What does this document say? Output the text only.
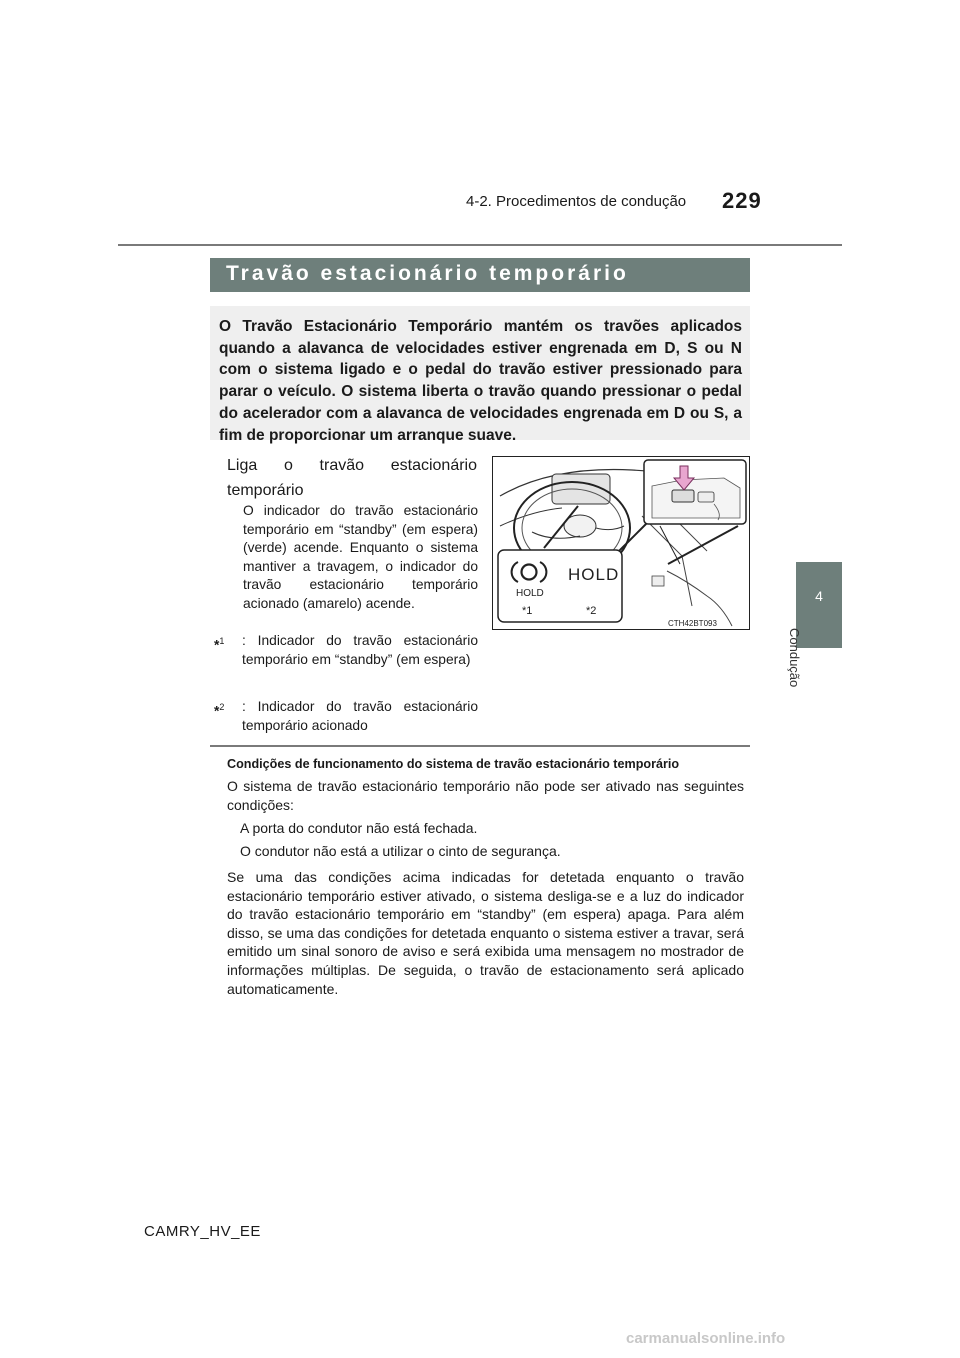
229
4-2. Procedimentos de condução
4
Condução
Travão estacionário temporário
O Travão Estacionário Temporário mantém os travões aplicados quando a alavanca de velocidades estiver engrenada em D, S ou N com o sistema ligado e o pedal do travão estiver pressionado para parar o veículo. O sistema liberta o travão quando pressionar o pedal do acelerador com a alavanca de velocidades engrenada em D ou S, a fim de proporcionar um arranque suave.
Liga o travão estacionário temporário
O indicador do travão estacionário temporário em “standby” (em espera) (verde) acende. Enquanto o sistema mantiver a travagem, o indicador do travão estacionário temporário acionado (amarelo) acende.
*$^1$	: Indicador do travão estacionário temporário em “standby” (em espera)
*$^2$	: Indicador do travão estacionário temporário acionado
HOLD
HOLD
*1	*2
CTH42BT093
Condições de funcionamento do sistema de travão estacionário temporário
O sistema de travão estacionário temporário não pode ser ativado nas seguintes condições:
A porta do condutor não está fechada.
O condutor não está a utilizar o cinto de segurança.
Se uma das condições acima indicadas for detetada enquanto o travão estacionário temporário estiver ativado, o sistema desliga-se e a luz do indicador do travão estacionário temporário em “standby” (em espera) apaga. Para além disso, se uma das condições for detetada enquanto o sistema estiver a travar, será emitido um sinal sonoro de aviso e será exibida uma mensagem no mostrador de informações múltiplas. De seguida, o travão de estacionamento será aplicado automaticamente.
CAMRY_HV_EE
carmanualsonline.info
